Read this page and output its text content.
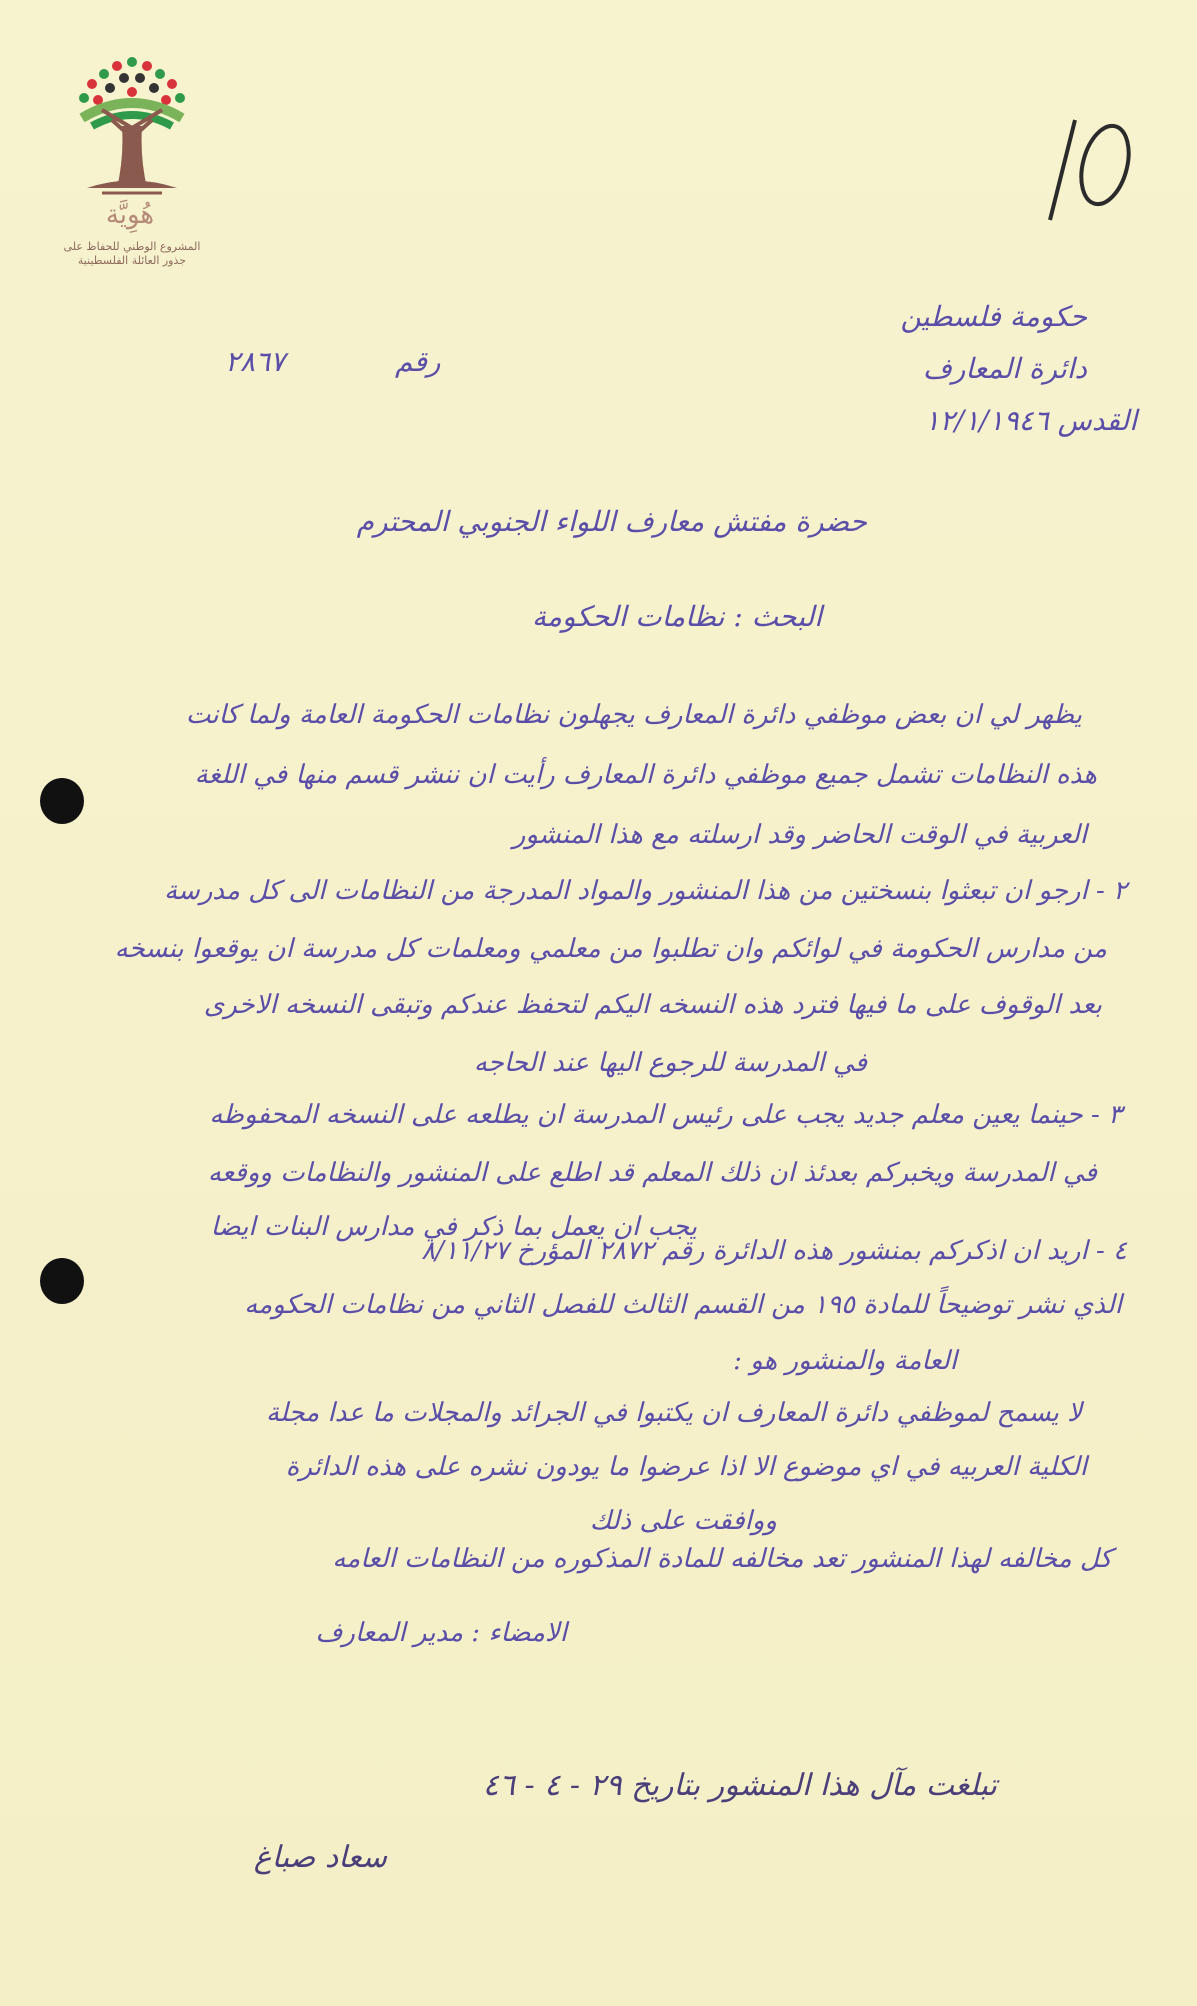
هُوِيَّة
المشروع الوطني للحفاظ على
جذور العائلة الفلسطينية
حكومة فلسطين
دائرة المعارف
القدس ١٢/١/١٩٤٦
رقم
٢٨٦٧
حضرة مفتش معارف اللواء الجنوبي المحترم
البحث : نظامات الحكومة
يظهر لي ان بعض موظفي دائرة المعارف يجهلون نظامات الحكومة العامة ولما كانت
هذه النظامات تشمل جميع موظفي دائرة المعارف رأيت ان ننشر قسم منها في اللغة
العربية في الوقت الحاضر وقد ارسلته مع هذا المنشور
٢ - ارجو ان تبعثوا بنسختين من هذا المنشور والمواد المدرجة من النظامات الى كل مدرسة
من مدارس الحكومة في لوائكم وان تطلبوا من معلمي ومعلمات كل مدرسة ان يوقعوا بنسخه
بعد الوقوف على ما فيها فترد هذه النسخه اليكم لتحفظ عندكم وتبقى النسخه الاخرى
في المدرسة للرجوع اليها عند الحاجه
٣ - حينما يعين معلم جديد يجب على رئيس المدرسة ان يطلعه على النسخه المحفوظه
في المدرسة ويخبركم بعدئذ ان ذلك المعلم قد اطلع على المنشور والنظامات ووقعه
يجب ان يعمل بما ذكر في مدارس البنات ايضا
٤ - اريد ان اذكركم بمنشور هذه الدائرة رقم ٢٨٧٢ المؤرخ ٨/١١/٢٧
الذي نشر توضيحاً للمادة ١٩٥ من القسم الثالث للفصل الثاني من نظامات الحكومه
العامة والمنشور هو :
لا يسمح لموظفي دائرة المعارف ان يكتبوا في الجرائد والمجلات ما عدا مجلة
الكلية العربيه في اي موضوع الا اذا عرضوا ما يودون نشره على هذه الدائرة
ووافقت على ذلك
كل مخالفه لهذا المنشور تعد مخالفه للمادة المذكوره من النظامات العامه
الامضاء : مدير المعارف
تبلغت مآل هذا المنشور بتاريخ ٢٩ - ٤ - ٤٦
سعاد صباغ
